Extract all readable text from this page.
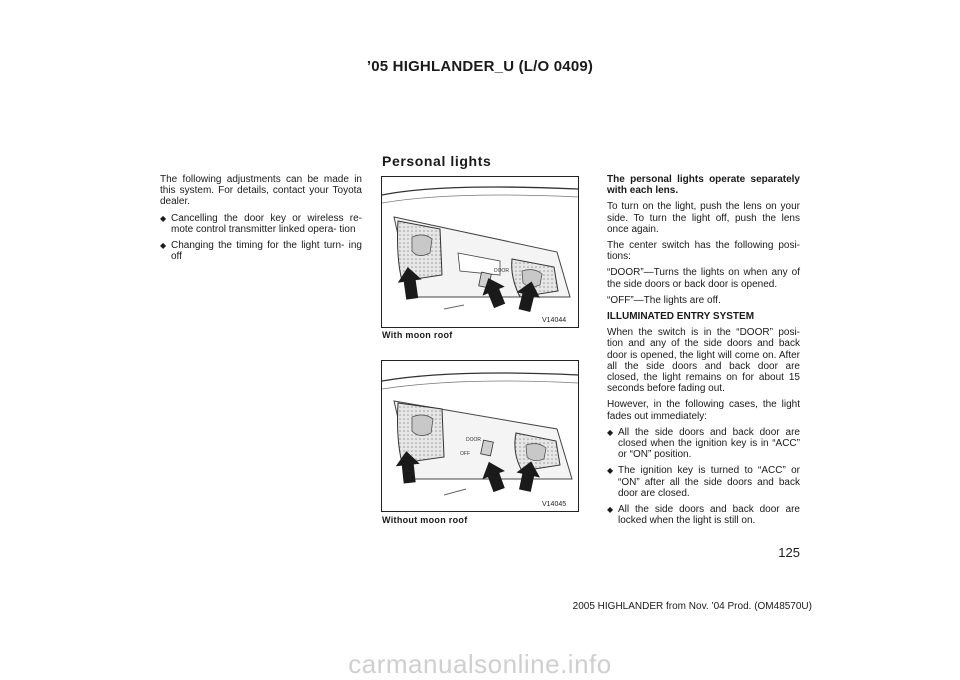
’05 HIGHLANDER_U (L/O 0409)
Personal lights

The following adjustments can be made in this system. For details, contact your Toyota dealer.

◆ Cancelling the door key or wireless re- mote control transmitter linked opera- tion
◆ Changing the timing for the light turn- ing off
DOOR
V14044
With moon roof
DOOR
OFF
V14045
Without moon roof

The personal lights operate separately with each lens.

To turn on the light, push the lens on your side. To turn the light off, push the lens once again.

The center switch has the following posi- tions:

“DOOR”—Turns the lights on when any of the side doors or back door is opened.

“OFF”—The lights are off.

ILLUMINATED ENTRY SYSTEM

When the switch is in the “DOOR” posi- tion and any of the side doors and back door is opened, the light will come on. After all the side doors and back door are closed, the light remains on for about 15 seconds before fading out.

However, in the following cases, the light fades out immediately:

◆ All the side doors and back door are closed when the ignition key is in “ACC” or “ON” position.
◆ The ignition key is turned to “ACC” or “ON” after all the side doors and back door are closed.
◆ All the side doors and back door are locked when the light is still on.
125
2005 HIGHLANDER from Nov. ’04 Prod. (OM48570U)
carmanualsonline.info
